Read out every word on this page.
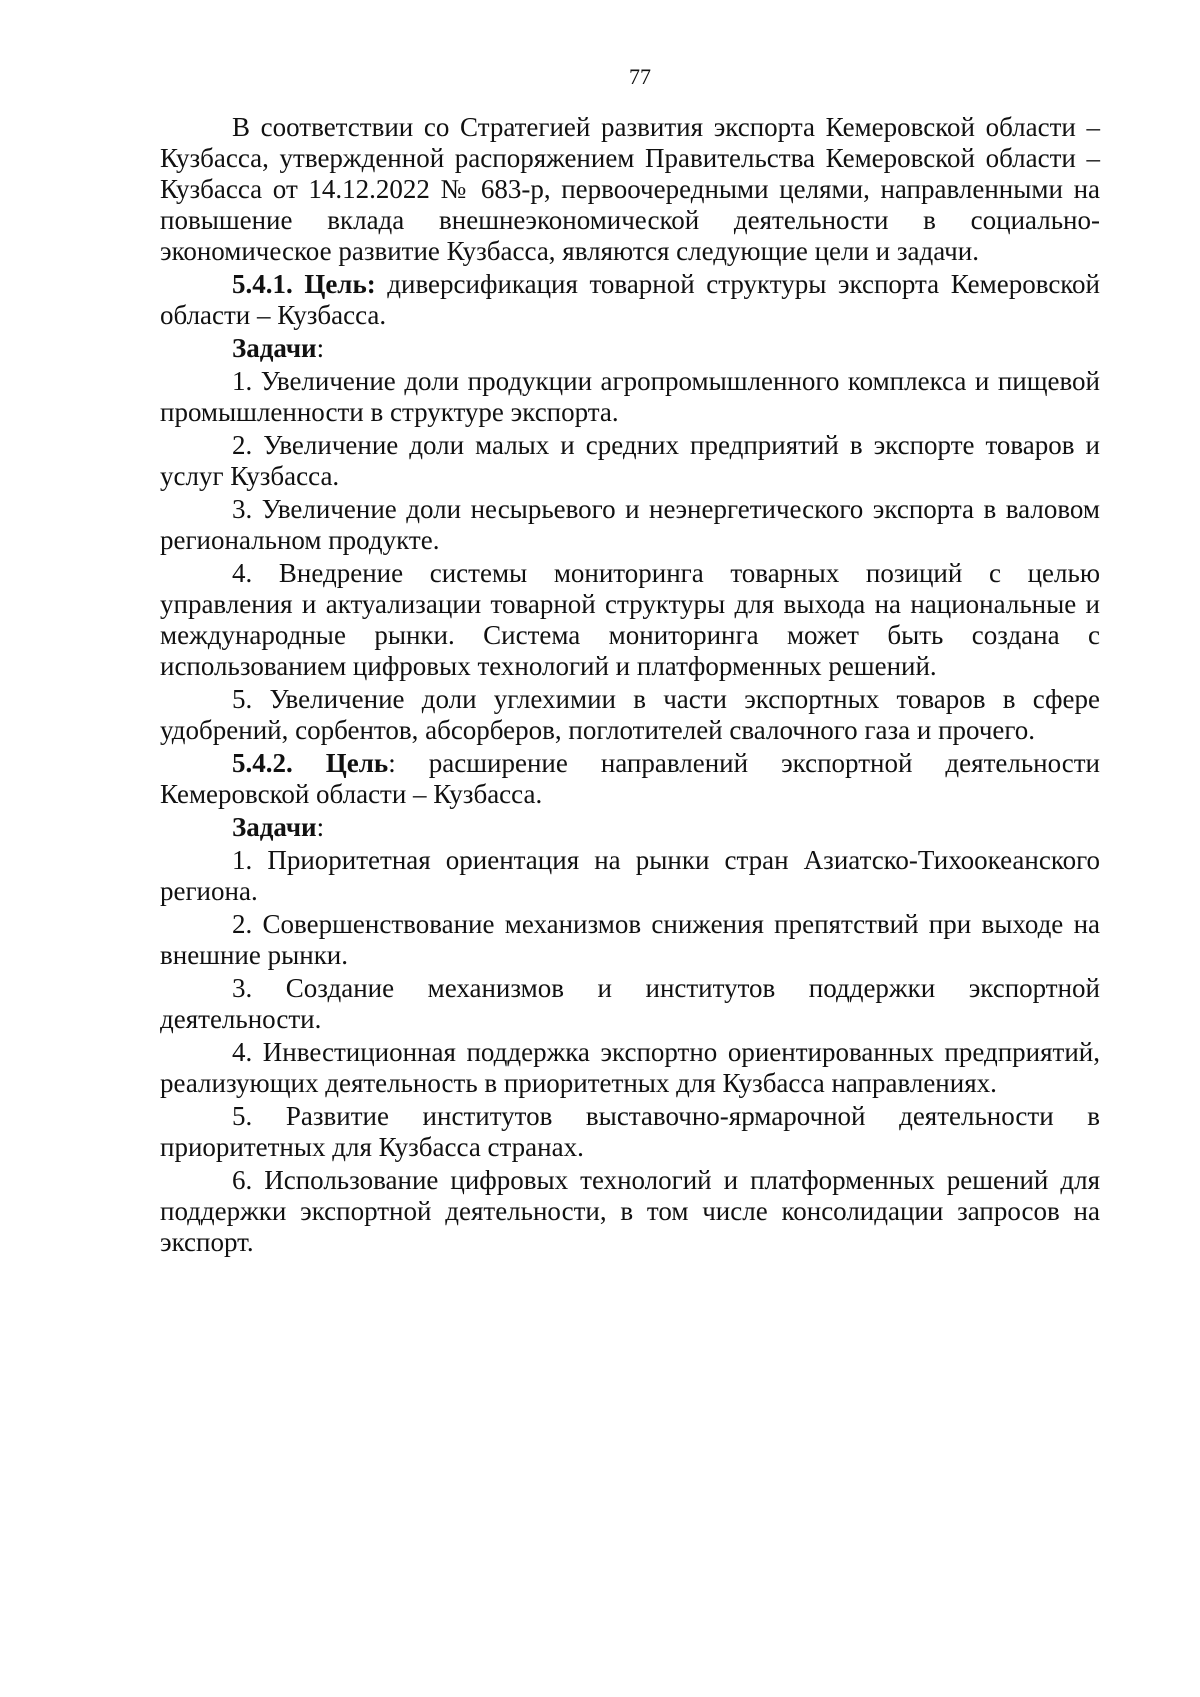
77

В соответствии со Стратегией развития экспорта Кемеровской области – Кузбасса, утвержденной распоряжением Правительства Кемеровской области – Кузбасса от 14.12.2022 № 683-р, первоочередными целями, направленными на повышение вклада внешнеэкономической деятельности в социально-экономическое развитие Кузбасса, являются следующие цели и задачи.

5.4.1. Цель: диверсификация товарной структуры экспорта Кемеровской области – Кузбасса.

Задачи:

1. Увеличение доли продукции агропромышленного комплекса и пищевой промышленности в структуре экспорта.

2. Увеличение доли малых и средних предприятий в экспорте товаров и услуг Кузбасса.

3. Увеличение доли несырьевого и неэнергетического экспорта в валовом региональном продукте.

4. Внедрение системы мониторинга товарных позиций с целью управления и актуализации товарной структуры для выхода на национальные и международные рынки. Система мониторинга может быть создана с использованием цифровых технологий и платформенных решений.

5. Увеличение доли углехимии в части экспортных товаров в сфере удобрений, сорбентов, абсорберов, поглотителей свалочного газа и прочего.

5.4.2. Цель: расширение направлений экспортной деятельности Кемеровской области – Кузбасса.

Задачи:

1. Приоритетная ориентация на рынки стран Азиатско-Тихоокеанского региона.

2. Совершенствование механизмов снижения препятствий при выходе на внешние рынки.

3. Создание механизмов и институтов поддержки экспортной деятельности.

4. Инвестиционная поддержка экспортно ориентированных предприятий, реализующих деятельность в приоритетных для Кузбасса направлениях.

5. Развитие институтов выставочно-ярмарочной деятельности в приоритетных для Кузбасса странах.

6. Использование цифровых технологий и платформенных решений для поддержки экспортной деятельности, в том числе консолидации запросов на экспорт.
